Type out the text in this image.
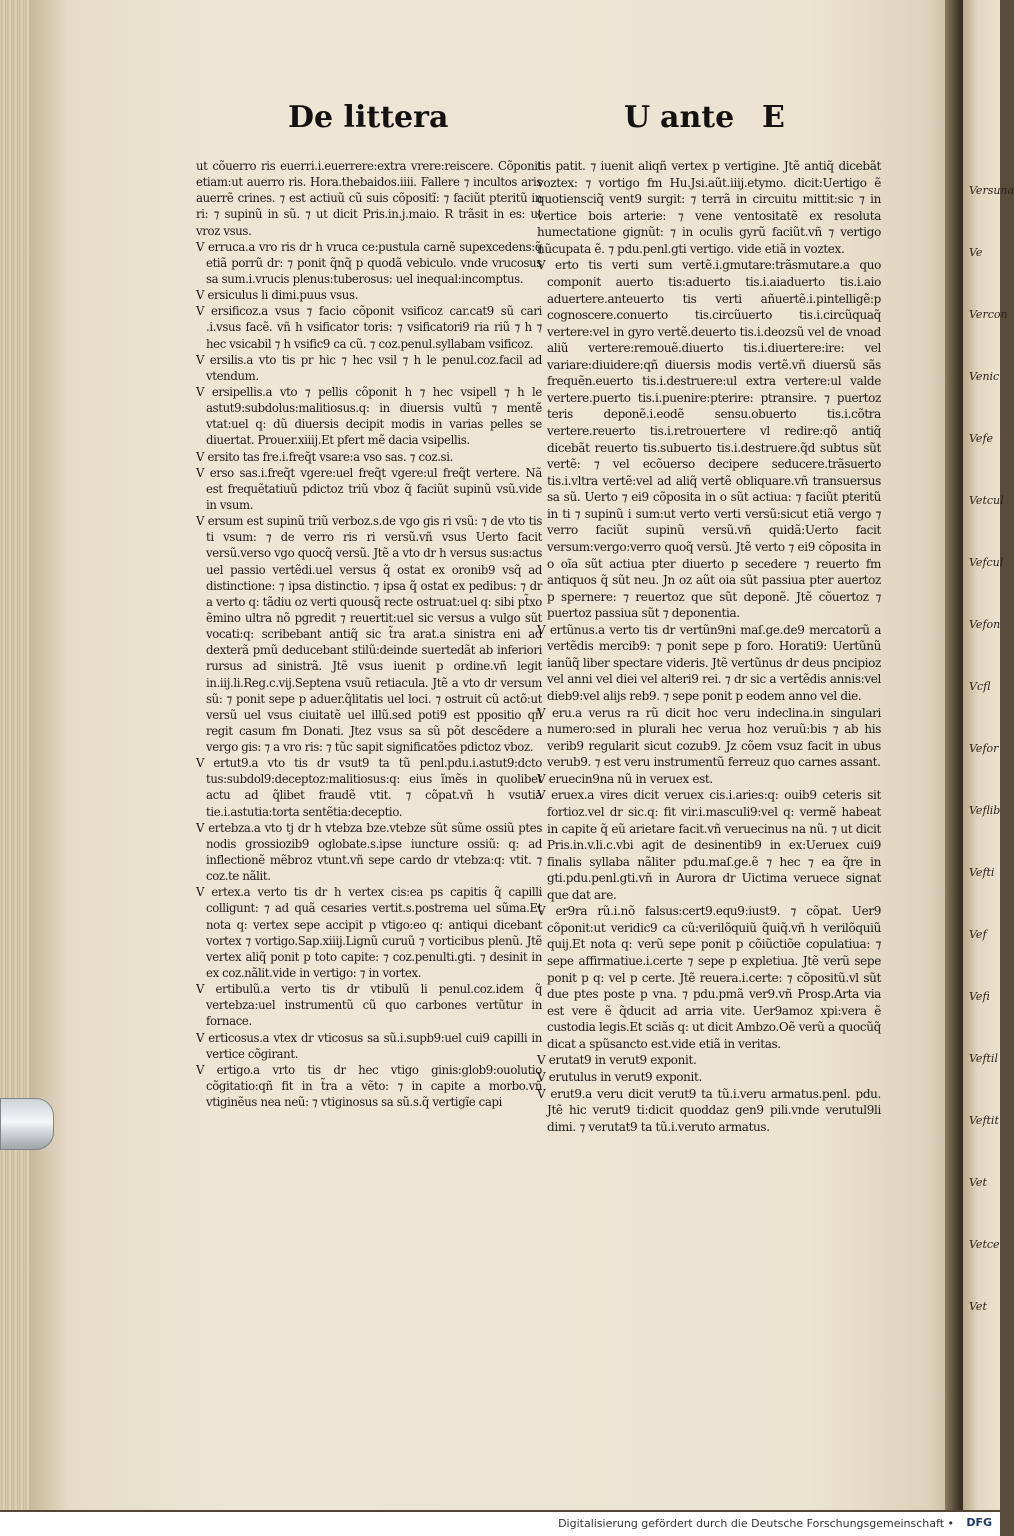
Versuna
Ve
Vercon
Venic
Vefe
Vetcul
Vefcul
Vefon
Vcfl
Vefor
Veflib
Vefti
Vef
Vefi
Veftil
Veftit
Vet
Vetce
Vet
De littera	U ante E

ut cõuerro ris euerri.i.euerrere:extra vrere:reiscere. Cõponit etiam:ut auerro ris. Hora.thebaidos.iiii. Fallere ⁊ incultos aris auerrẽ crines. ⁊ est actiuũ cũ suis cõpositĩ: ⁊ faciũt pteritũ in ri: ⁊ supinũ in sũ. ⁊ ut dicit Pris.in.j.maio. R trãsit in es: ut vroz vsus.

V erruca.a vro ris dr h vruca ce:pustula carnẽ supexcedens:q̃ etiã porrũ dr: ⁊ ponit q̃nq̃ p quodã vebiculo. vnde vrucosus sa sum.i.vrucis plenus:tuberosus: uel inequal:incomptus.

V ersiculus li dimi.puus vsus.

V ersificoz.a vsus ⁊ facio cõponit vsificoz car.cat9 sũ cari .i.vsus facẽ. vñ h vsificator toris: ⁊ vsificatori9 ria riũ ⁊ h ⁊ hec vsicabil ⁊ h vsific9 ca cũ. ⁊ coz.penul.syllabam vsificoz.

V ersilis.a vto tis pr hic ⁊ hec vsil ⁊ h le penul.coz.facil ad vtendum.

V ersipellis.a vto ⁊ pellis cõponit h ⁊ hec vsipell ⁊ h le astut9:subdolus:malitiosus.q: in diuersis vultũ ⁊ mentẽ vtat:uel q: dũ diuersis decipit modis in varias pelles se diuertat. Prouer.xiiij.Et pfert mẽ dacia vsipellis.

V ersito tas fre.i.freq̃t vsare:a vso sas. ⁊ coz.si.

V erso sas.i.freq̃t vgere:uel freq̃t vgere:ul freq̃t vertere. Nã est frequẽtatiuũ pdictoz triũ vboz q̃ faciũt supinũ vsũ.vide in vsum.

V ersum est supinũ triũ verboz.s.de vgo gis ri vsũ: ⁊ de vto tis ti vsum: ⁊ de verro ris ri versũ.vñ vsus Uerto facit versũ.verso vgo quocq̃ versũ. Jtẽ a vto dr h versus sus:actus uel passio vertẽdi.uel versus q̃ ostat ex oronib9 vsq̃ ad distinctione: ⁊ ipsa distinctio. ⁊ ipsa q̃ ostat ex pedibus: ⁊ dr a verto q: tãdiu oz verti quousq̃ recte ostruat:uel q: sibi pt̃xo ẽmino ultra nõ pgredit ⁊ reuertit:uel sic versus a vulgo sũt vocati:q: scribebant antiq̃ sic t̃ra arat.a sinistra eni ad dexterã pmũ deducebant stilũ:deinde suertedãt ab inferiori rursus ad sinistrã. Jtẽ vsus iuenit p ordine.vñ legit in.iij.li.Reg.c.vij.Septena vsuũ retiacula. Jtẽ a vto dr versum sũ: ⁊ ponit sepe p aduer.q̃litatis uel loci. ⁊ ostruit cũ actõ:ut versũ uel vsus ciuitatẽ uel illũ.sed poti9 est ppositio qñ regit casum fm Donati. Jtez vsus sa sũ põt descẽdere a vergo gis: ⁊ a vro ris: ⁊ tũc sapit significatões pdictoz vboz.

V ertut9.a vto tis dr vsut9 ta tũ penl.pdu.i.astut9:dcto tus:subdol9:deceptoz:malitiosus:q: eius ĩmẽs in quolibet actu ad q̃libet fraudẽ vtit. ⁊ cõpat.vñ h vsutia tie.i.astutia:torta sentẽtia:deceptio.

V ertebza.a vto tj dr h vtebza bze.vtebze sũt sũme ossiũ ptes nodis grossiozib9 oglobate.s.ipse iuncture ossiũ: q: ad inflectionẽ mẽbroz vtunt.vñ sepe cardo dr vtebza:q: vtit. ⁊ coz.te nãlit.

V ertex.a verto tis dr h vertex cis:ea ps capitis q̃ capilli colligunt: ⁊ ad quã cesaries vertit.s.postrema uel sũma.Et nota q: vertex sepe accipit p vtigo:eo q: antiqui dicebant vortex ⁊ vortigo.Sap.xiiij.Lignũ curuũ ⁊ vorticibus plenũ. Jtẽ vertex aliq̃ ponit p toto capite: ⁊ coz.penulti.gti. ⁊ desinit in ex coz.nãlit.vide in vertigo: ⁊ in vortex.

V ertibulũ.a verto tis dr vtibulũ li penul.coz.idem q̃ vertebza:uel instrumentũ cũ quo carbones vertũtur in fornace.

V erticosus.a vtex dr vticosus sa sũ.i.supb9:uel cui9 capilli in vertice cõgirant.

V ertigo.a vrto tis dr hec vtigo ginis:glob9:ouolutio cõgitatio:qñ fit in t̃ra a vẽto: ⁊ in capite a morbo.vñ vtiginẽus nea neũ: ⁊ vtiginosus sa sũ.s.q̃ vertigĩe capi

tis patit. ⁊ iuenit aliqñ vertex p vertigine. Jtẽ antiq̃ dicebãt voztex: ⁊ vortigo fm Hu.Jsi.aũt.iiij.etymo. dicit:Uertigo ẽ quotiensciq̃ vent9 surgit: ⁊ terrã in circuitu mittit:sic ⁊ in vertice bois arterie: ⁊ vene ventositatẽ ex resoluta humectatione gignũt: ⁊ in oculis gyrũ faciũt.vñ ⁊ vertigo nũcupata ẽ. ⁊ pdu.penl.gti vertigo. vide etiã in voztex.

V erto tis verti sum vertẽ.i.gmutare:trãsmutare.a quo componit auerto tis:aduerto tis.i.aiaduerto tis.i.aio aduertere.anteuerto tis verti añuertẽ.i.pintelligẽ:p cognoscere.conuerto tis.circũuerto tis.i.circũquaq̃ vertere:vel in gyro vertẽ.deuerto tis.i.deozsũ vel de vnoad aliũ vertere:remouẽ.diuerto tis.i.diuertere:ire: vel variare:diuidere:qñ diuersis modis vertẽ.vñ diuersũ sãs frequẽn.euerto tis.i.destruere:ul extra vertere:ul valde vertere.puerto tis.i.puenire:pterire: ptransire. ⁊ puertoz teris deponẽ.i.eodẽ sensu.obuerto tis.i.cõtra vertere.reuerto tis.i.retrouertere vl redire:qõ antiq̃ dicebãt reuerto tis.subuerto tis.i.destruere.q̃d subtus sũt vertẽ: ⁊ vel ecõuerso decipere seducere.trãsuerto tis.i.vltra vertẽ:vel ad aliq̃ vertẽ obliquare.vñ transuersus sa sũ. Uerto ⁊ ei9 cõposita in o sũt actiua: ⁊ faciũt pteritũ in ti ⁊ supinũ i sum:ut verto verti versũ:sicut etiã vergo ⁊ verro faciũt supinũ versũ.vñ quidã:Uerto facit versum:vergo:verro quoq̃ versũ. Jtẽ verto ⁊ ei9 cõposita in o oĩa sũt actiua pter diuerto p secedere ⁊ reuerto fm antiquos q̃ sũt neu. Jn oz aũt oia sũt passiua pter auertoz p spernere: ⁊ reuertoz que sũt deponẽ. Jtẽ cõuertoz ⁊ puertoz passiua sũt ⁊ deponentia.

V ertũnus.a verto tis dr vertũn9ni maſ.ge.de9 mercatorũ a vertẽdis mercib9: ⁊ ponit sepe p foro. Horati9: Uertũnũ ianũq̃ liber spectare videris. Jtẽ vertũnus dr deus pncipioz vel anni vel diei vel alteri9 rei. ⁊ dr sic a vertẽdis annis:vel dieb9:vel alijs reb9. ⁊ sepe ponit p eodem anno vel die.

V eru.a verus ra rũ dicit hoc veru indeclina.in singulari numero:sed in plurali hec verua hoz veruũ:bis ⁊ ab his verib9 regularit sicut cozub9. Jz cõem vsuz facit in ubus verub9. ⁊ est veru instrumentũ ferreuz quo carnes assant.

V eruecin9na nũ in veruex est.

V eruex.a vires dicit veruex cis.i.aries:q: ouib9 ceteris sit fortioz.vel dr sic.q: fit vir.i.masculi9:vel q: vermẽ habeat in capite q̃ eũ arietare facit.vñ veruecinus na nũ. ⁊ ut dicit Pris.in.v.li.c.vbi agit de desinentib9 in ex:Ueruex cui9 finalis syllaba nãliter pdu.maſ.ge.ẽ ⁊ hec ⁊ ea q̃re in gti.pdu.penl.gti.vñ in Aurora dr Uictima veruece signat que dat are.

V er9ra rũ.i.nõ falsus:cert9.equ9:iust9. ⁊ cõpat. Uer9 cõponit:ut veridic9 ca cũ:verilõquiũ q̃uiq̃.vñ h verilõquiũ quij.Et nota q: verũ sepe ponit p cõiũctiõe copulatiua: ⁊ sepe affirmatiue.i.certe ⁊ sepe p expletiua. Jtẽ verũ sepe ponit p q: vel p certe. Jtẽ reuera.i.certe: ⁊ cõpositũ.vl sũt due ptes poste p vna. ⁊ pdu.pmã ver9.vñ Prosp.Arta via est vere ẽ q̃ducit ad arria vite. Uer9amoz xpi:vera ẽ custodia legis.Et sciãs q: ut dicit Ambzo.Oẽ verũ a quocũq̃ dicat a spũsancto est.vide etiã in veritas.

V erutat9 in verut9 exponit.

V erutulus in verut9 exponit.

V erut9.a veru dicit verut9 ta tũ.i.veru armatus.penl. pdu. Jtẽ hic verut9 ti:dicit quoddaz gen9 pili.vnde verutul9li dimi. ⁊ verutat9 ta tũ.i.veruto armatus.

Digitalisierung gefördert durch die Deutsche Forschungsgemeinschaft • DFG
